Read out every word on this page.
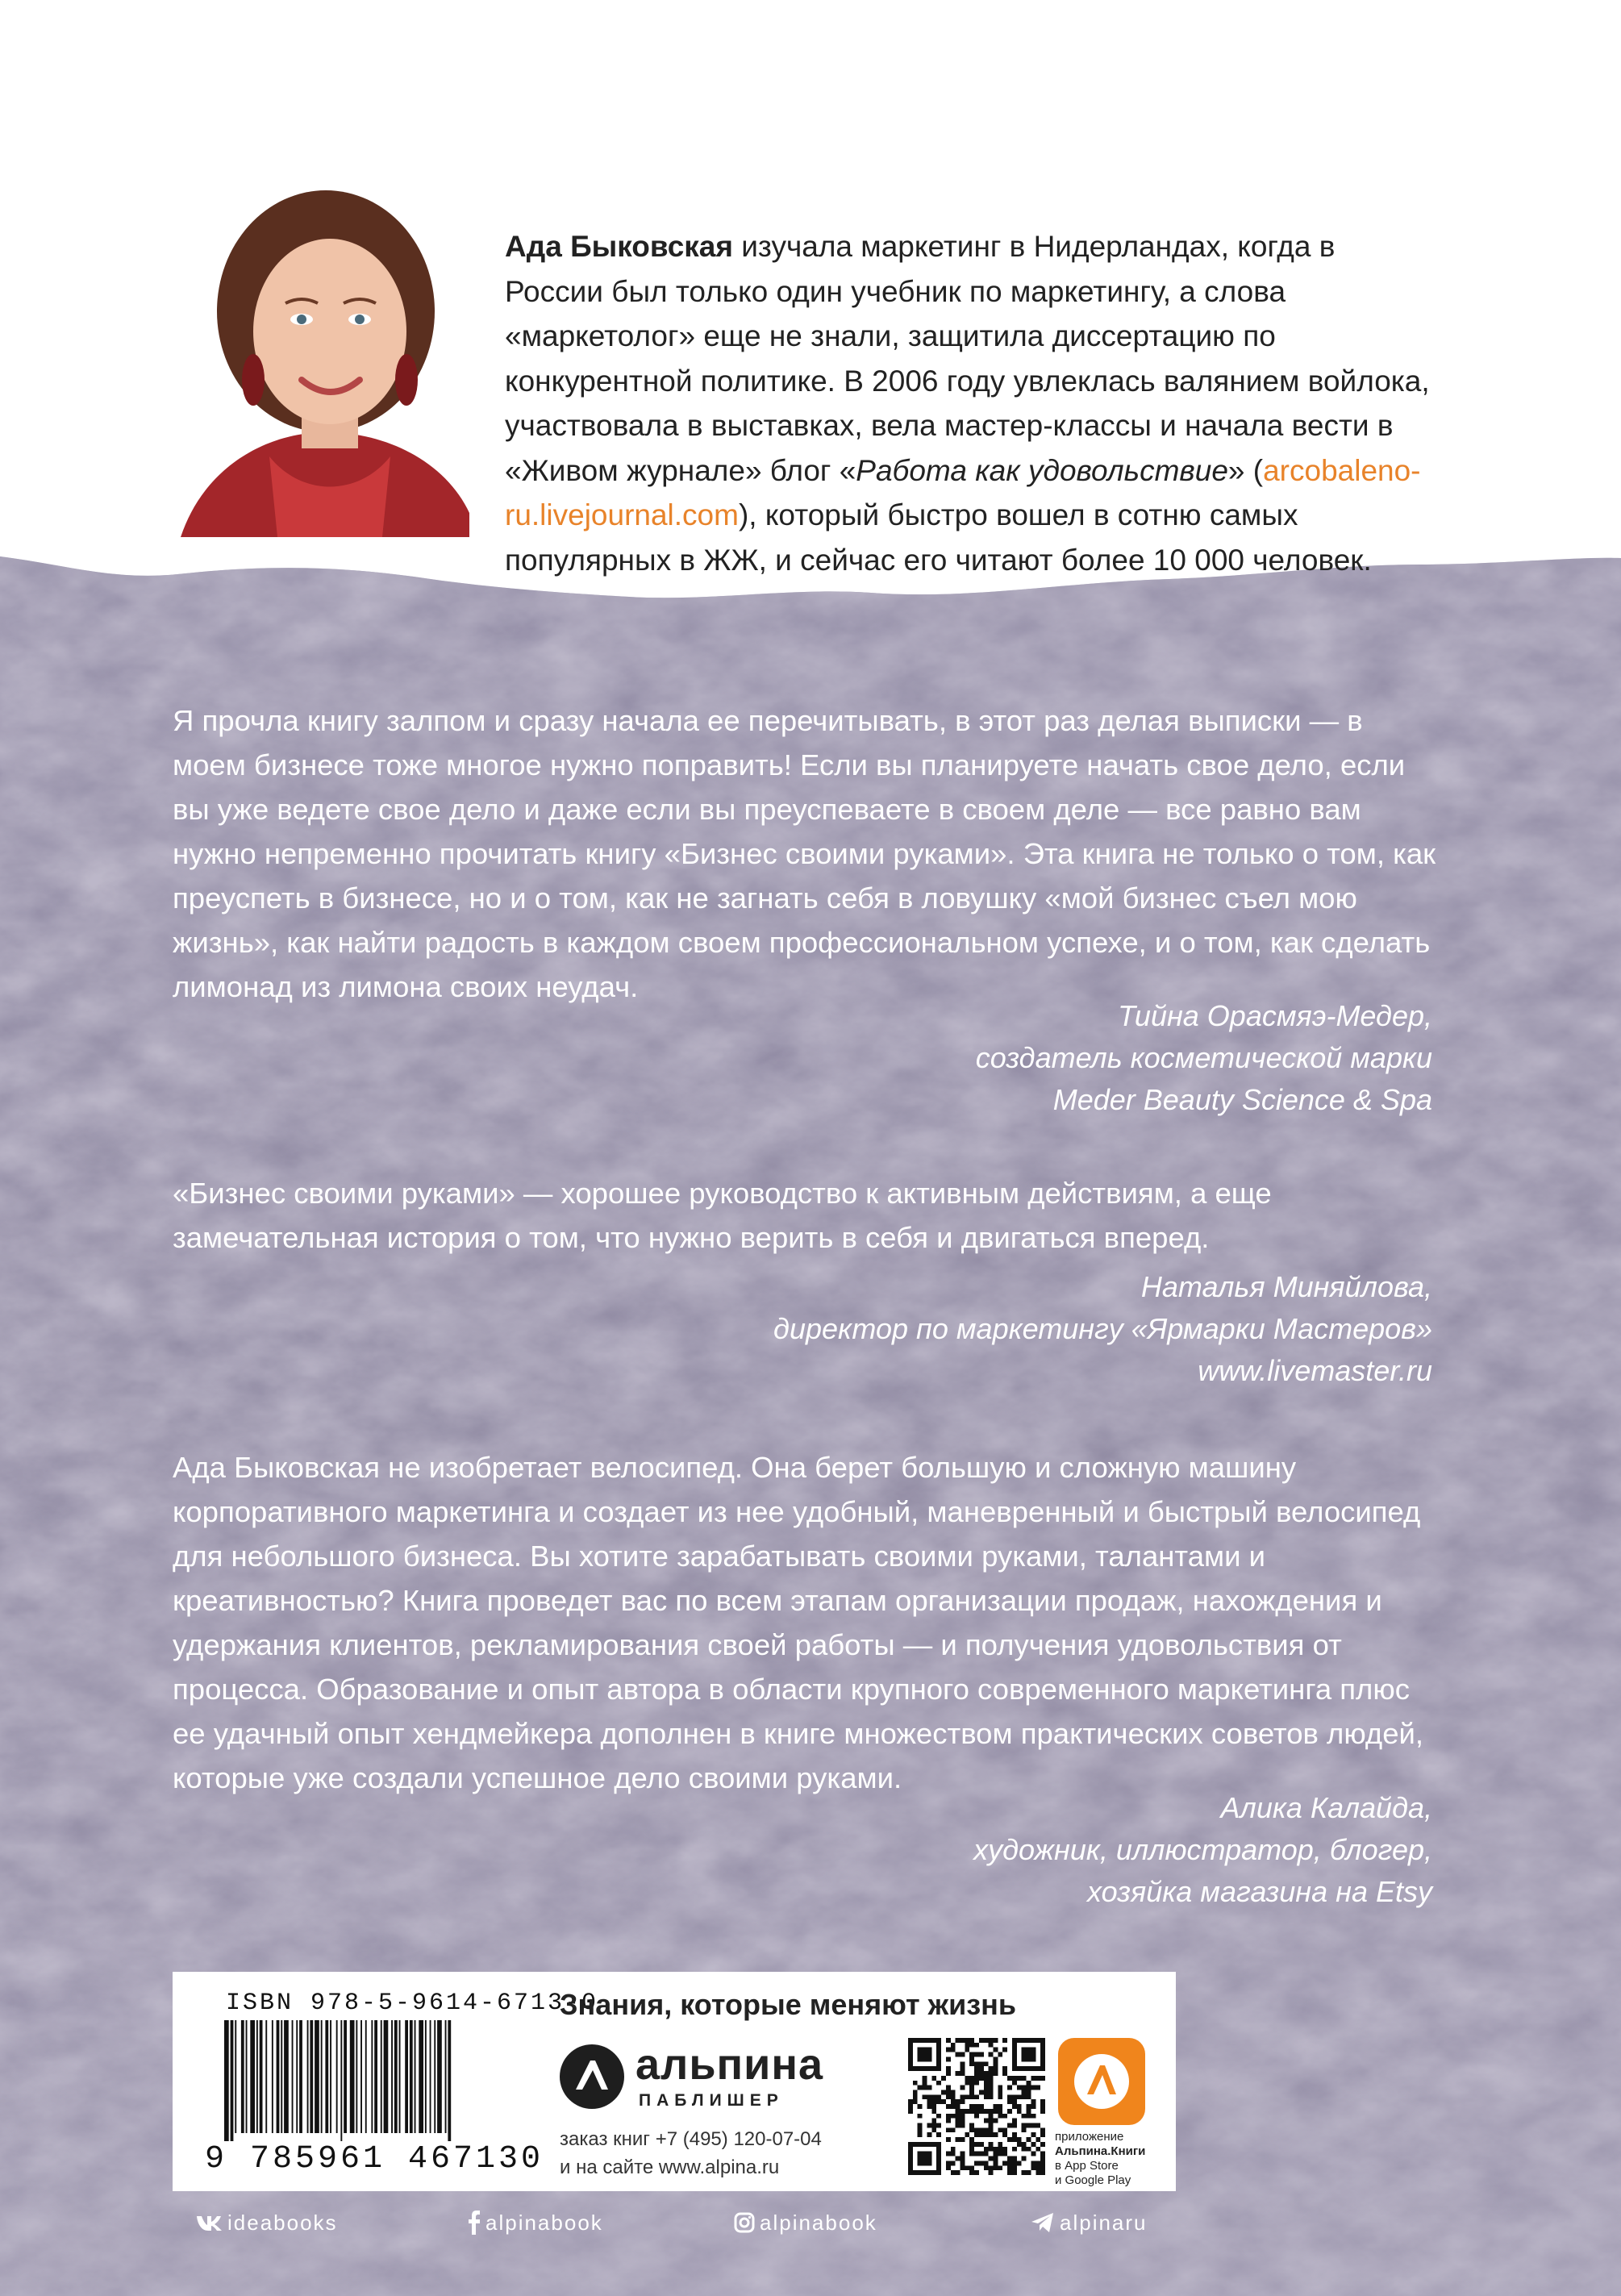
Ада Быковская изучала маркетинг в Нидерландах, когда в России был только один учебник по маркетингу, а слова «маркетолог» еще не знали, защитила диссертацию по конкурентной политике. В 2006 году увлеклась валянием войлока, участвовала в выставках, вела мастер-классы и начала вести в «Живом журнале» блог «Работа как удовольствие» (arcobaleno-ru.livejournal.com), который быстро вошел в сотню самых популярных в ЖЖ, и сейчас его читают более 10 000 человек.

Я прочла книгу залпом и сразу начала ее перечитывать, в этот раз делая выписки — в моем бизнесе тоже многое нужно поправить! Если вы планируете начать свое дело, если вы уже ведете свое дело и даже если вы преуспеваете в своем деле — все равно вам нужно непременно прочитать книгу «Бизнес своими руками». Эта книга не только о том, как преуспеть в бизнесе, но и о том, как не загнать себя в ловушку «мой бизнес съел мою жизнь», как найти радость в каждом своем профессиональном успехе, и о том, как сделать лимонад из лимона своих неудач.

Тийна Орасмяэ-Медер,
создатель косметической марки
Meder Beauty Science & Spa

«Бизнес своими руками» — хорошее руководство к активным действиям, а еще замечательная история о том, что нужно верить в себя и двигаться вперед.

Наталья Миняйлова,
директор по маркетингу «Ярмарки Мастеров»
www.livemaster.ru

Ада Быковская не изобретает велосипед. Она берет большую и сложную машину корпоративного маркетинга и создает из нее удобный, маневренный и быстрый велосипед для небольшого бизнеса. Вы хотите зарабатывать своими руками, талантами и креативностью? Книга проведет вас по всем этапам организации продаж, нахождения и удержания клиентов, рекламирования своей работы — и получения удовольствия от процесса. Образование и опыт автора в области крупного современного маркетинга плюс ее удачный опыт хендмейкера дополнен в книге множеством практических советов людей, которые уже создали успешное дело своими руками.

Алика Калайда,
художник, иллюстратор, блогер,
хозяйка магазина на Etsy
ISBN 978-5-9614-6713-0
9 785961 467130
Знания, которые меняют жизнь
альпина
ПАБЛИШЕР
заказ книг +7 (495) 120-07-04
и на сайте www.alpina.ru
приложение
Альпина.Книги
в App Store
и Google Play
ideabooks	alpinabook	alpinabook	alpinaru
